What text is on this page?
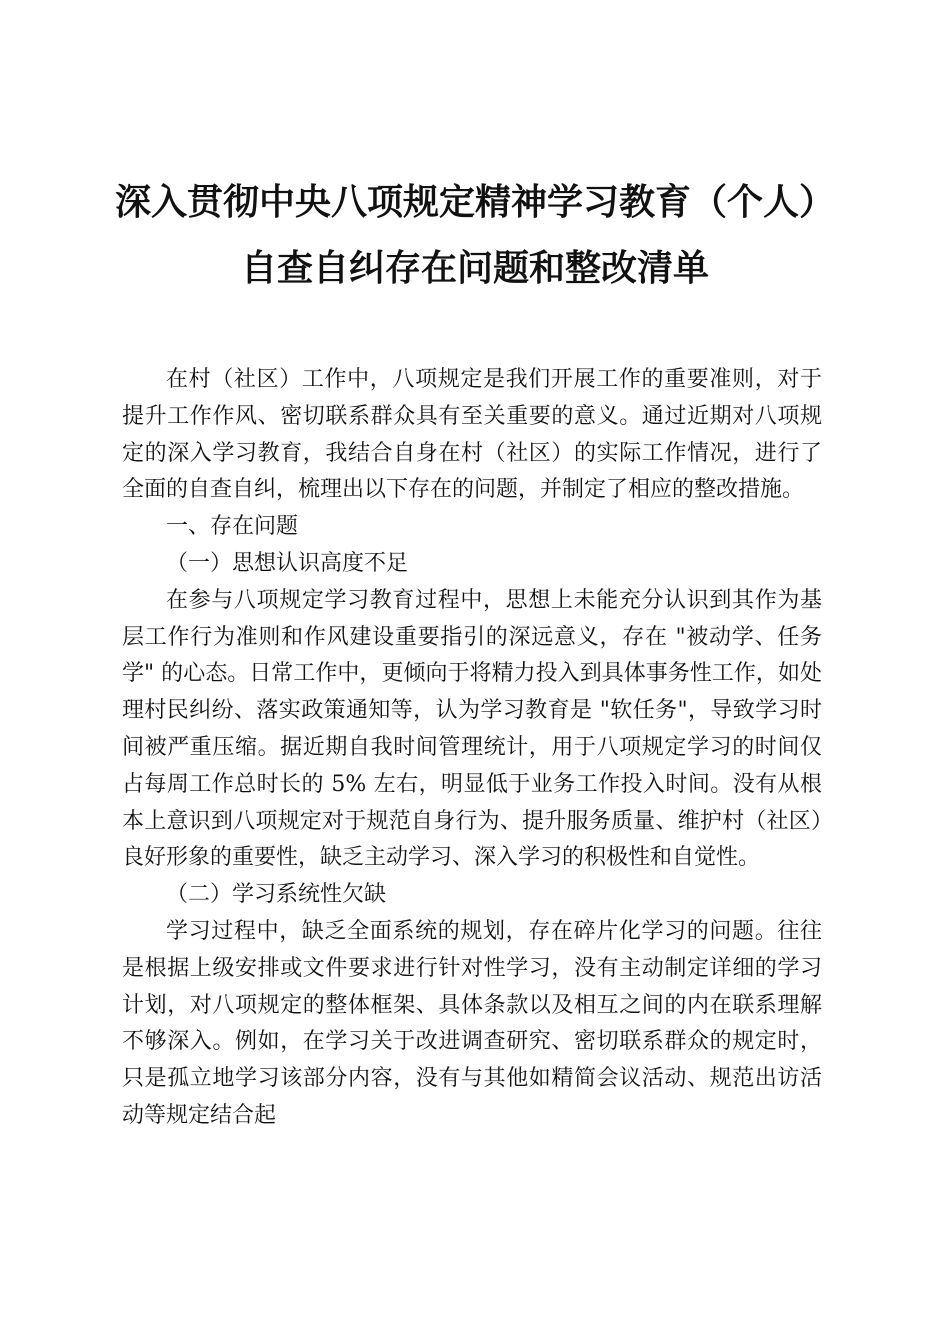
深入贯彻中央八项规定精神学习教育（个人）
自查自纠存在问题和整改清单

在村（社区）工作中，八项规定是我们开展工作的重要准则，对于提升工作作风、密切联系群众具有至关重要的意义。通过近期对八项规定的深入学习教育，我结合自身在村（社区）的实际工作情况，进行了全面的自查自纠，梳理出以下存在的问题，并制定了相应的整改措施。

一、存在问题

（一）思想认识高度不足

在参与八项规定学习教育过程中，思想上未能充分认识到其作为基层工作行为准则和作风建设重要指引的深远意义，存在 "被动学、任务学" 的心态。日常工作中，更倾向于将精力投入到具体事务性工作，如处理村民纠纷、落实政策通知等，认为学习教育是 "软任务"，导致学习时间被严重压缩。据近期自我时间管理统计，用于八项规定学习的时间仅占每周工作总时长的 5% 左右，明显低于业务工作投入时间。没有从根本上意识到八项规定对于规范自身行为、提升服务质量、维护村（社区）良好形象的重要性，缺乏主动学习、深入学习的积极性和自觉性。

（二）学习系统性欠缺

学习过程中，缺乏全面系统的规划，存在碎片化学习的问题。往往是根据上级安排或文件要求进行针对性学习，没有主动制定详细的学习计划，对八项规定的整体框架、具体条款以及相互之间的内在联系理解不够深入。例如，在学习关于改进调查研究、密切联系群众的规定时，只是孤立地学习该部分内容，没有与其他如精简会议活动、规范出访活动等规定结合起
